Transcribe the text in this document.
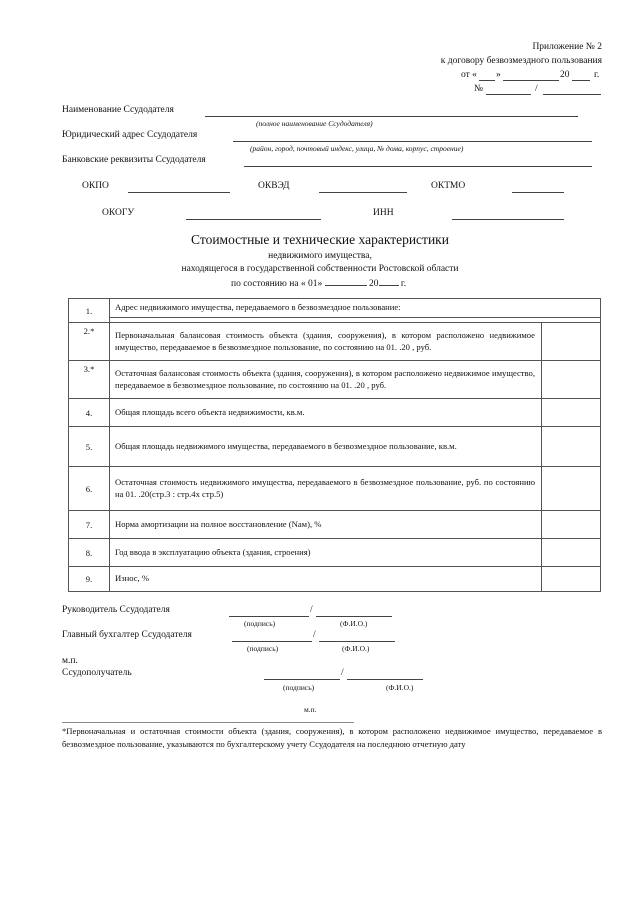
Приложение № 2
к договору безвозмездного пользования
от « »	20	г.
№	/
Наименование Ссудодателя
(полное наименование Ссудодателя)
Юридический адрес Ссудодателя
(район, город, почтовый индекс, улица, № дома, корпус, строение)
Банковские реквизиты Ссудодателя
ОКПО	ОКВЭД	ОКТМО
ОКОГУ	ИНН
Стоимостные и технические характеристики
недвижимого имущества,
находящегося в государственной собственности Ростовской области
по состоянию на « 01»	20 г.
1.	Адрес недвижимого имущества, передаваемого в безвозмездное пользование:	

2.*	Первоначальная балансовая стоимость объекта (здания, сооружения), в котором расположено недвижимое имущество, передаваемое в безвозмездное пользование, по состоянию на 01. .20 , руб.	
3.*	Остаточная балансовая стоимость объекта (здания, сооружения), в котором расположено недвижимое имущество, передаваемое в безвозмездное пользование, по состоянию на 01. .20 , руб.	
4.	Общая площадь всего объекта недвижимости, кв.м.	
5.	Общая площадь недвижимого имущества, передаваемого в безвозмездное пользование, кв.м.	
6.	Остаточная стоимость недвижимого имущества, передаваемого в безвозмездное пользование, руб. по состоянию на 01. .20(стр.3 : стр.4х стр.5)	
7.	Норма амортизации на полное восстановление (Nам), %	
8.	Год ввода в эксплуатацию объекта (здания, строения)	
9.	Износ, %	
Руководитель Ссудодателя	/
(подпись)	(Ф.И.О.)
Главный бухгалтер Ссудодателя	/
(подпись)	(Ф.И.О.)
м.п.
Ссудополучатель	/
(подпись)	(Ф.И.О.)
м.п.
*Первоначальная и остаточная стоимости объекта (здания, сооружения), в котором расположено недвижимое имущество, передаваемое в безвозмездное пользование, указываются по бухгалтерскому учету Ссудодателя на последнюю отчетную дату
